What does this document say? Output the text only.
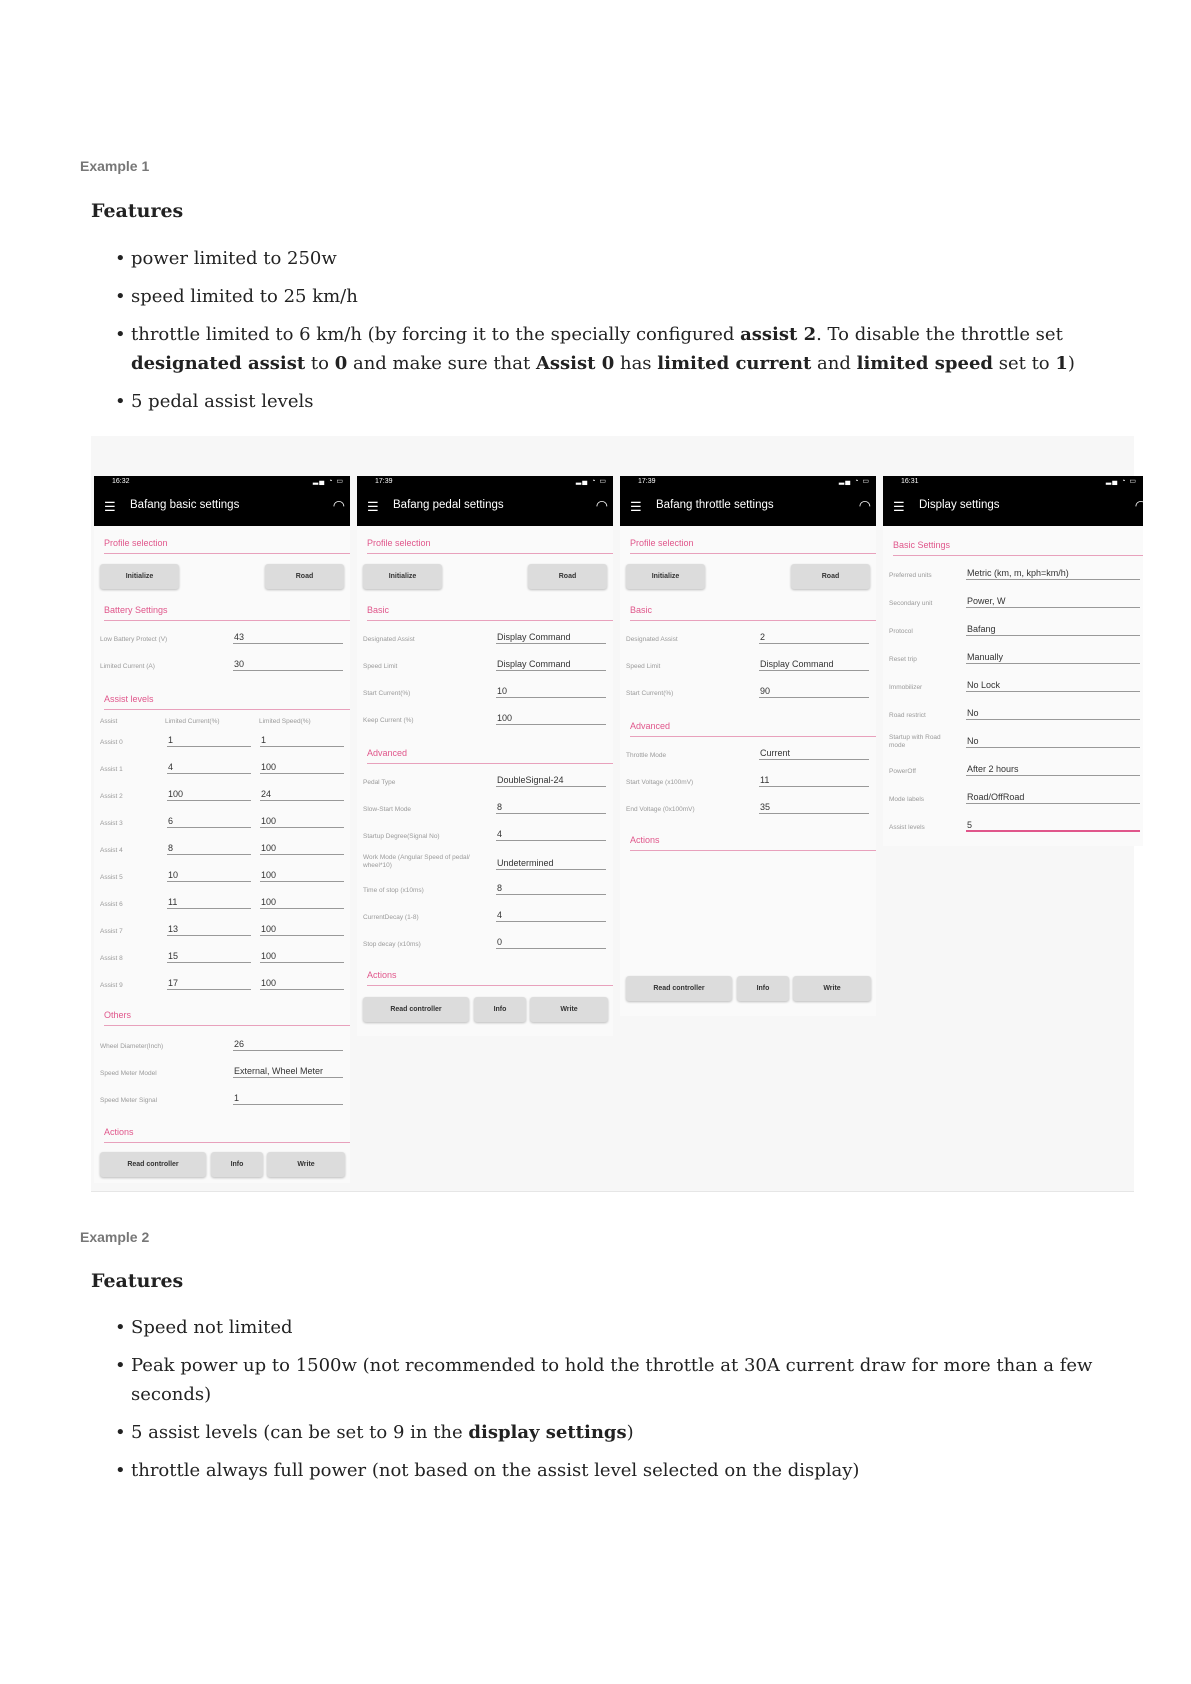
Example 1
Features
• power limited to 250w
• speed limited to 25 km/h
• throttle limited to 6 km/h (by forcing it to the specially configured assist 2. To disable the throttle set designated assist to 0 and make sure that Assist 0 has limited current and limited speed set to 1)
• 5 pedal assist levels
16:32	▂▄ ◔ ▭
☰ Bafang basic settings	◠
Profile selection
Initialize	Road
Battery Settings
Low Battery Protect (V)	43
Limited Current (A)	30
Assist levels
Assist	Limited Current(%)	Limited Speed(%)
Assist 0	1	1
Assist 1	4	100
Assist 2	100	24
Assist 3	6	100
Assist 4	8	100
Assist 5	10	100
Assist 6	11	100
Assist 7	13	100
Assist 8	15	100
Assist 9	17	100
Others
Wheel Diameter(Inch)	26
Speed Meter Model	External, Wheel Meter
Speed Meter Signal	1
Actions
Read controller	Info	Write
17:39	▂▄ ◔ ▭
☰ Bafang pedal settings	◠
Profile selection
Initialize	Road
Basic
Designated Assist	Display Command
Speed Limit	Display Command
Start Current(%)	10
Keep Current (%)	100
Advanced
Pedal Type	DoubleSignal-24
Slow-Start Mode	8
Startup Degree(Signal No)	4
Work Mode (Angular Speed of pedal/ wheel*10)	Undetermined
Time of stop (x10ms)	8
CurrentDecay (1-8)	4
Stop decay (x10ms)	0
Actions
Read controller	Info	Write
17:39	▂▄ ◔ ▭
☰ Bafang throttle settings	◠
Profile selection
Initialize	Road
Basic
Designated Assist	2
Speed Limit	Display Command
Start Current(%)	90
Advanced
Throttle Mode	Current
Start Voltage (x100mV)	11
End Voltage (0x100mV)	35
Actions
Read controller	Info	Write
16:31	▂▄ ◔ ▭
☰ Display settings	◠
Basic Settings
Preferred units	Metric (km, m, kph=km/h)
Secondary unit	Power, W
Protocol	Bafang
Reset trip	Manually
Immobilizer	No Lock
Road restrict	No
Startup with Road mode	No
PowerOff	After 2 hours
Mode labels	Road/OffRoad
Assist levels	5
Example 2
Features
• Speed not limited
• Peak power up to 1500w (not recommended to hold the throttle at 30A current draw for more than a few seconds)
• 5 assist levels (can be set to 9 in the display settings)
• throttle always full power (not based on the assist level selected on the display)
